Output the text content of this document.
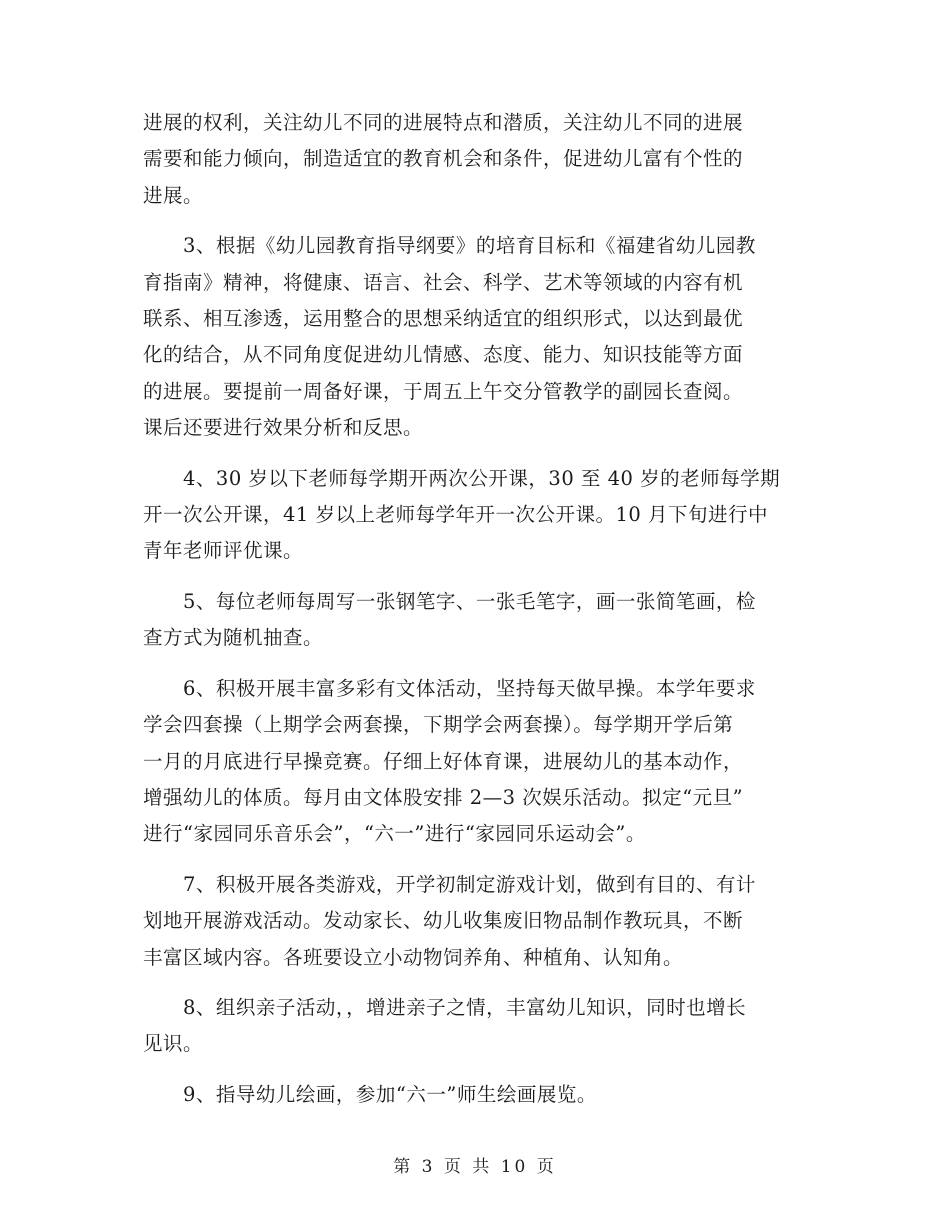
进展的权利，关注幼儿不同的进展特点和潜质，关注幼儿不同的进展
需要和能力倾向，制造适宜的教育机会和条件，促进幼儿富有个性的
进展。

　　3、根据《幼儿园教育指导纲要》的培育目标和《福建省幼儿园教
育指南》精神，将健康、语言、社会、科学、艺术等领域的内容有机
联系、相互渗透，运用整合的思想采纳适宜的组织形式，以达到最优
化的结合，从不同角度促进幼儿情感、态度、能力、知识技能等方面
的进展。要提前一周备好课，于周五上午交分管教学的副园长查阅。
课后还要进行效果分析和反思。

　　4、30 岁以下老师每学期开两次公开课，30 至 40 岁的老师每学期
开一次公开课，41 岁以上老师每学年开一次公开课。10 月下旬进行中
青年老师评优课。

　　5、每位老师每周写一张钢笔字、一张毛笔字，画一张简笔画，检
查方式为随机抽查。

　　6、积极开展丰富多彩有文体活动，坚持每天做早操。本学年要求
学会四套操（上期学会两套操，下期学会两套操）。每学期开学后第
一月的月底进行早操竞赛。仔细上好体育课，进展幼儿的基本动作，
增强幼儿的体质。每月由文体股安排 2—3 次娱乐活动。拟定“元旦”
进行“家园同乐音乐会”，“六一”进行“家园同乐运动会”。

　　7、积极开展各类游戏，开学初制定游戏计划，做到有目的、有计
划地开展游戏活动。发动家长、幼儿收集废旧物品制作教玩具，不断
丰富区域内容。各班要设立小动物饲养角、种植角、认知角。

　　8、组织亲子活动，，增进亲子之情，丰富幼儿知识，同时也增长
见识。

　　9、指导幼儿绘画，参加“六一”师生绘画展览。

第 3 页 共 10 页
